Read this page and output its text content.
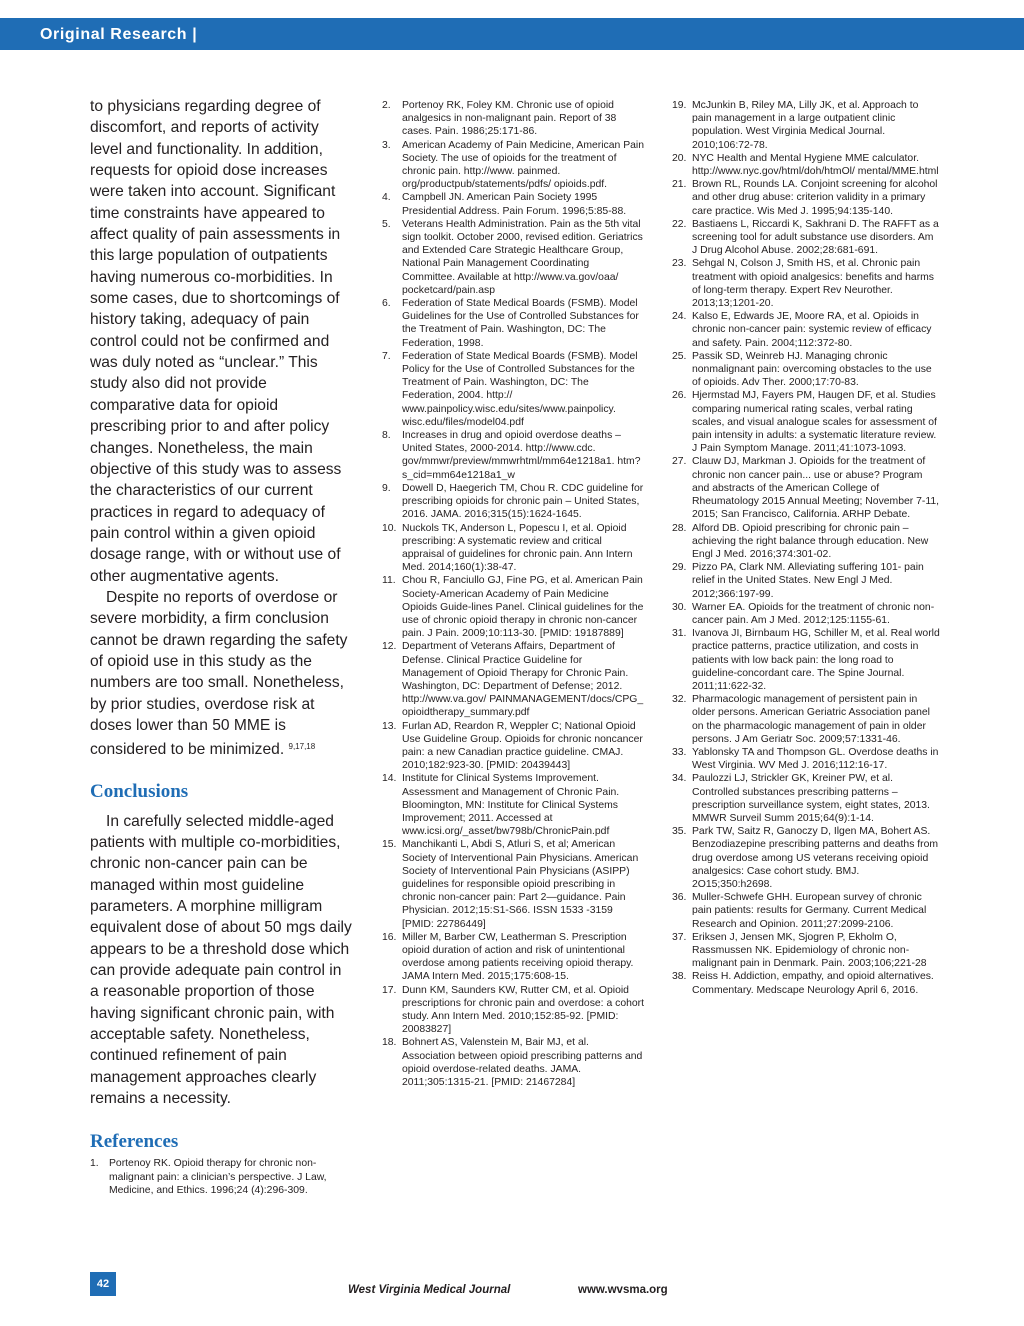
Original Research |

to physicians regarding degree of discomfort, and reports of activity level and functionality. In addition, requests for opioid dose increases were taken into account. Significant time constraints have appeared to affect quality of pain assessments in this large population of outpatients having numerous co-morbidities. In some cases, due to shortcomings of history taking, adequacy of pain control could not be confirmed and was duly noted as “unclear.” This study also did not provide comparative data for opioid prescribing prior to and after policy changes. Nonetheless, the main objective of this study was to assess the characteristics of our current practices in regard to adequacy of pain control within a given opioid dosage range, with or without use of other augmentative agents.

Despite no reports of overdose or severe morbidity, a firm conclusion cannot be drawn regarding the safety of opioid use in this study as the numbers are too small. Nonetheless, by prior studies, overdose risk at doses lower than 50 MME is considered to be minimized. $^{9,17,18}$

Conclusions

In carefully selected middle-aged patients with multiple co-morbidities, chronic non-cancer pain can be managed within most guideline parameters. A morphine milligram equivalent dose of about 50 mgs daily appears to be a threshold dose which can provide adequate pain control in a reasonable proportion of those having significant chronic pain, with acceptable safety. Nonetheless, continued refinement of pain management approaches clearly remains a necessity.

References
1. Portenoy RK. Opioid therapy for chronic non-malignant pain: a clinician’s perspective. J Law, Medicine, and Ethics. 1996;24 (4):296-309.
2. Portenoy RK, Foley KM. Chronic use of opioid analgesics in non-malignant pain. Report of 38 cases. Pain. 1986;25:171-86.
3. American Academy of Pain Medicine, American Pain Society. The use of opioids for the treatment of chronic pain. http://www. painmed. org/productpub/statements/pdfs/ opioids.pdf.
4. Campbell JN. American Pain Society 1995 Presidential Address. Pain Forum. 1996;5:85-88.
5. Veterans Health Administration. Pain as the 5th vital sign toolkit. October 2000, revised edition. Geriatrics and Extended Care Strategic Healthcare Group, National Pain Management Coordinating Committee. Available at http://www.va.gov/oaa/ pocketcard/pain.asp
6. Federation of State Medical Boards (FSMB). Model Guidelines for the Use of Controlled Substances for the Treatment of Pain. Washington, DC: The Federation, 1998.
7. Federation of State Medical Boards (FSMB). Model Policy for the Use of Controlled Substances for the Treatment of Pain. Washington, DC: The Federation, 2004. http:// www.painpolicy.wisc.edu/sites/www.painpolicy. wisc.edu/files/model04.pdf
8. Increases in drug and opioid overdose deaths – United States, 2000-2014. http://www.cdc. gov/mmwr/preview/mmwrhtml/mm64e1218a1. htm?s_cid=mm64e1218a1_w
9. Dowell D, Haegerich TM, Chou R. CDC guideline for prescribing opioids for chronic pain – United States, 2016. JAMA. 2016;315(15):1624-1645.
10. Nuckols TK, Anderson L, Popescu I, et al. Opioid prescribing: A systematic review and critical appraisal of guidelines for chronic pain. Ann Intern Med. 2014;160(1):38-47.
11. Chou R, Fanciullo GJ, Fine PG, et al. American Pain Society-American Academy of Pain Medicine Opioids Guide-lines Panel. Clinical guidelines for the use of chronic opioid therapy in chronic non-cancer pain. J Pain. 2009;10:113-30. [PMID: 19187889]
12. Department of Veterans Affairs, Department of Defense. Clinical Practice Guideline for Management of Opioid Therapy for Chronic Pain. Washington, DC: Department of Defense; 2012. http://www.va.gov/ PAINMANAGEMENT/docs/CPG_ opioidtherapy_summary.pdf
13. Furlan AD, Reardon R, Weppler C; National Opioid Use Guideline Group. Opioids for chronic noncancer pain: a new Canadian practice guideline. CMAJ. 2010;182:923-30. [PMID: 20439443]
14. Institute for Clinical Systems Improvement. Assessment and Management of Chronic Pain. Bloomington, MN: Institute for Clinical Systems Improvement; 2011. Accessed at www.icsi.org/_asset/bw798b/ChronicPain.pdf
15. Manchikanti L, Abdi S, Atluri S, et al; American Society of Interventional Pain Physicians. American Society of Interventional Pain Physicians (ASIPP) guidelines for responsible opioid prescribing in chronic non-cancer pain: Part 2—guidance. Pain Physician. 2012;15:S1-S66. ISSN 1533 -3159 [PMID: 22786449]
16. Miller M, Barber CW, Leatherman S. Prescription opioid duration of action and risk of unintentional overdose among patients receiving opioid therapy. JAMA Intern Med. 2015;175:608-15.
17. Dunn KM, Saunders KW, Rutter CM, et al. Opioid prescriptions for chronic pain and overdose: a cohort study. Ann Intern Med. 2010;152:85-92. [PMID: 20083827]
18. Bohnert AS, Valenstein M, Bair MJ, et al. Association between opioid prescribing patterns and opioid overdose-related deaths. JAMA. 2011;305:1315-21. [PMID: 21467284]
19. McJunkin B, Riley MA, Lilly JK, et al. Approach to pain management in a large outpatient clinic population. West Virginia Medical Journal. 2010;106:72-78.
20. NYC Health and Mental Hygiene MME calculator. http://www.nyc.gov/html/doh/htmOl/ mental/MME.html
21. Brown RL, Rounds LA. Conjoint screening for alcohol and other drug abuse: criterion validity in a primary care practice. Wis Med J. 1995;94:135-140.
22. Bastiaens L, Riccardi K, Sakhrani D. The RAFFT as a screening tool for adult substance use disorders. Am J Drug Alcohol Abuse. 2002;28:681-691.
23. Sehgal N, Colson J, Smith HS, et al. Chronic pain treatment with opioid analgesics: benefits and harms of long-term therapy. Expert Rev Neurother. 2013;13;1201-20.
24. Kalso E, Edwards JE, Moore RA, et al. Opioids in chronic non-cancer pain: systemic review of efficacy and safety. Pain. 2004;112:372-80.
25. Passik SD, Weinreb HJ. Managing chronic nonmalignant pain: overcoming obstacles to the use of opioids. Adv Ther. 2000;17:70-83.
26. Hjermstad MJ, Fayers PM, Haugen DF, et al. Studies comparing numerical rating scales, verbal rating scales, and visual analogue scales for assessment of pain intensity in adults: a systematic literature review. J Pain Symptom Manage. 2011;41:1073-1093.
27. Clauw DJ, Markman J. Opioids for the treatment of chronic non cancer pain... use or abuse? Program and abstracts of the American College of Rheumatology 2015 Annual Meeting; November 7-11, 2015; San Francisco, California. ARHP Debate.
28. Alford DB. Opioid prescribing for chronic pain – achieving the right balance through education. New Engl J Med. 2016;374:301-02.
29. Pizzo PA, Clark NM. Alleviating suffering 101- pain relief in the United States. New Engl J Med. 2012;366:197-99.
30. Warner EA. Opioids for the treatment of chronic non-cancer pain. Am J Med. 2012;125:1155-61.
31. Ivanova JI, Birnbaum HG, Schiller M, et al. Real world practice patterns, practice utilization, and costs in patients with low back pain: the long road to guideline-concordant care. The Spine Journal. 2011;11:622-32.
32. Pharmacologic management of persistent pain in older persons. American Geriatric Association panel on the pharmacologic management of pain in older persons. J Am Geriatr Soc. 2009;57:1331-46.
33. Yablonsky TA and Thompson GL. Overdose deaths in West Virginia. WV Med J. 2016;112:16-17.
34. Paulozzi LJ, Strickler GK, Kreiner PW, et al. Controlled substances prescribing patterns – prescription surveillance system, eight states, 2013. MMWR Surveil Summ 2015;64(9):1-14.
35. Park TW, Saitz R, Ganoczy D, Ilgen MA, Bohert AS. Benzodiazepine prescribing patterns and deaths from drug overdose among US veterans receiving opioid analgesics: Case cohort study. BMJ. 2O15;350:h2698.
36. Muller-Schwefe GHH. European survey of chronic pain patients: results for Germany. Current Medical Research and Opinion. 2011;27:2099-2106.
37. Eriksen J, Jensen MK, Sjogren P, Ekholm O, Rassmussen NK. Epidemiology of chronic non-malignant pain in Denmark. Pain. 2003;106;221-28
38. Reiss H. Addiction, empathy, and opioid alternatives. Commentary. Medscape Neurology April 6, 2016.
42	West Virginia Medical Journal	www.wvsma.org
